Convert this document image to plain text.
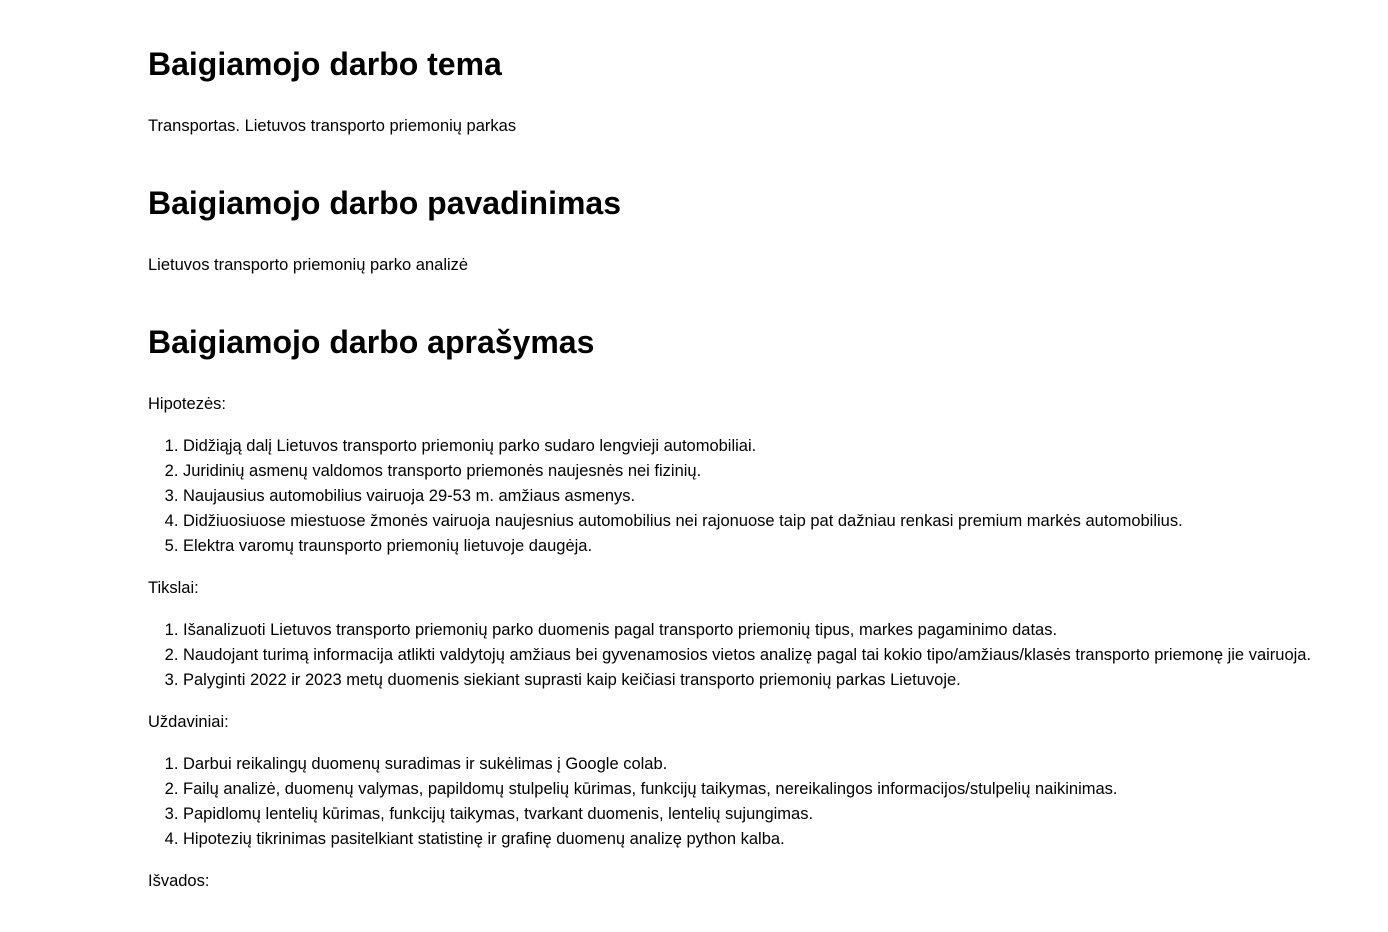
Baigiamojo darbo tema

Transportas. Lietuvos transporto priemonių parkas

Baigiamojo darbo pavadinimas

Lietuvos transporto priemonių parko analizė

Baigiamojo darbo aprašymas

Hipotezės:

1. Didžiąją dalį Lietuvos transporto priemonių parko sudaro lengvieji automobiliai.
2. Juridinių asmenų valdomos transporto priemonės naujesnės nei fizinių.
3. Naujausius automobilius vairuoja 29-53 m. amžiaus asmenys.
4. Didžiuosiuose miestuose žmonės vairuoja naujesnius automobilius nei rajonuose taip pat dažniau renkasi premium markės automobilius.
5. Elektra varomų traunsporto priemonių lietuvoje daugėja.

Tikslai:

1. Išanalizuoti Lietuvos transporto priemonių parko duomenis pagal transporto priemonių tipus, markes pagaminimo datas.
2. Naudojant turimą informacija atlikti valdytojų amžiaus bei gyvenamosios vietos analizę pagal tai kokio tipo/amžiaus/klasės transporto priemonę jie vairuoja.
3. Palyginti 2022 ir 2023 metų duomenis siekiant suprasti kaip keičiasi transporto priemonių parkas Lietuvoje.

Uždaviniai:

1. Darbui reikalingų duomenų suradimas ir sukėlimas į Google colab.
2. Failų analizė, duomenų valymas, papildomų stulpelių kūrimas, funkcijų taikymas, nereikalingos informacijos/stulpelių naikinimas.
3. Papidlomų lentelių kūrimas, funkcijų taikymas, tvarkant duomenis, lentelių sujungimas.
4. Hipotezių tikrinimas pasitelkiant statistinę ir grafinę duomenų analizę python kalba.

Išvados:
